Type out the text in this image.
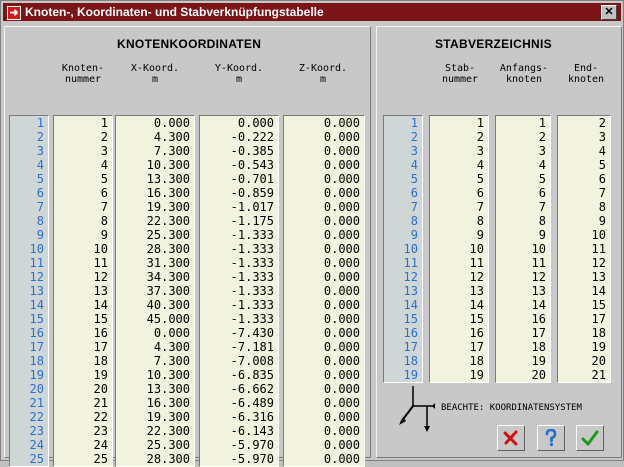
➜ Knoten-, Koordinaten- und Stabverknüpfungstabelle	✕
KNOTENKOORDINATEN
Knoten-
nummer
X-Koord.
m
Y-Koord.
m
Z-Koord.
m
1
2
3
4
5
6
7
8
9
10
11
12
13
14
15
16
17
18
19
20
21
22
23
24
25
1
2
3
4
5
6
7
8
9
10
11
12
13
14
15
16
17
18
19
20
21
22
23
24
25
0.000
4.300
7.300
10.300
13.300
16.300
19.300
22.300
25.300
28.300
31.300
34.300
37.300
40.300
45.000
0.000
4.300
7.300
10.300
13.300
16.300
19.300
22.300
25.300
28.300
0.000
-0.222
-0.385
-0.543
-0.701
-0.859
-1.017
-1.175
-1.333
-1.333
-1.333
-1.333
-1.333
-1.333
-1.333
-7.430
-7.181
-7.008
-6.835
-6.662
-6.489
-6.316
-6.143
-5.970
-5.970
0.000
0.000
0.000
0.000
0.000
0.000
0.000
0.000
0.000
0.000
0.000
0.000
0.000
0.000
0.000
0.000
0.000
0.000
0.000
0.000
0.000
0.000
0.000
0.000
0.000
STABVERZEICHNIS
Stab-
nummer
Anfangs-
knoten
End-
knoten
1
2
3
4
5
6
7
8
9
10
11
12
13
14
15
16
17
18
19
1
2
3
4
5
6
7
8
9
10
11
12
13
14
15
16
17
18
19
1
2
3
4
5
6
7
8
9
10
11
12
13
14
16
17
18
19
20
2
3
4
5
6
7
8
9
10
11
12
13
14
15
17
18
19
20
21
BEACHTE: KOORDINATENSYSTEM
